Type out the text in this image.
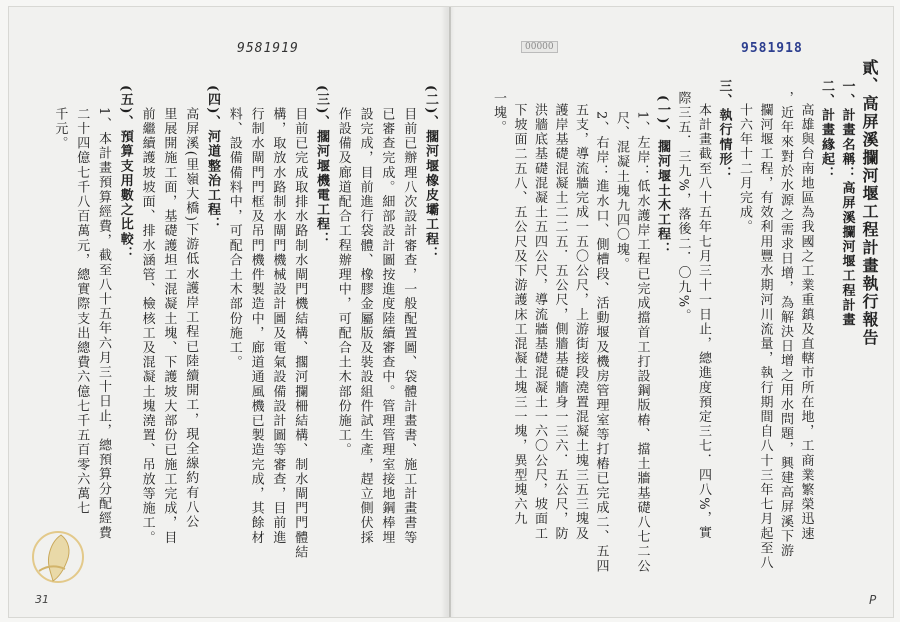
9581919
(二)、擱河堰橡皮壩工程：
目前已辦理八次設計審查，一般配置圖、袋體計畫書、施工計畫書等
已審查完成。細部設計圖按進度陸續審查中。管理管理室接地鋼棒埋
設完成，目前進行袋體、橡膠金屬版及裝設組件試生產，趕立側伏採
作設備及廊道配合工程辦理中，可配合土木部份施工。
(三)、擱河堰機電工程：
目前已完成取排水路制水閘門機結構、擱河攔柵結構、制水閘門門體結
構，取放水路制水閘門機械設計圖及電氣設備設計圖等審查，目前進
行制水閘門門框及吊門機件製造中，廊道通風機已製造完成，其餘材
料、設備備料中，可配合土木部份施工。
(四)、河道整治工程：
高屏溪(里嶺大橋)下游低水護岸工程已陸續開工，現全線約有八公
里展開施工面，基礎護坦工混凝土塊、下護坡大部份已施工完成，目
前繼續護坡坡面、排水涵管、檢核工及混凝土塊澆置、吊放等施工。
(五)、預算支用數之比較：
1、本計畫預算經費，截至八十五年六月三十日止，總預算分配經費
二十四億七千八百萬元，總實際支出總費六億七千五百零六萬七
千元。
31
00000	9581918
貳、高屏溪攔河堰工程計畫執行報告
一、計畫名稱：高屏溪攔河堰工程計畫
二、計畫緣起：
高雄與台南地區為我國之工業重鎮及直轄市所在地，工商業繁榮迅速
，近年來對於水源之需求日增，為解決日增之用水問題，興建高屏溪下游
攔河堰工程，有效利用豐水期河川流量，執行期間自八十三年七月起至八
十六年十二月完成。
三、執行情形：
本計畫截至八十五年七月三十一日止，總進度預定三七．四八%，實
際三五．三九%，落後二．〇九%。
(一)、擱河堰土木工程：
1、左岸：低水護岸工程已完成擋首工打設鋼版樁、擋土牆基礎八七二公
尺、混凝土塊九四〇塊。
2、右岸：進水口、側槽段、活動堰及機房管理室等打樁已完成二、五四
五支，導流牆完成一五〇公尺，上游街接段澆置混凝土塊三五三塊及
護岸基礎混凝土二二五．五公尺，側牆基礎牆身一三六．五公尺，防
洪牆底基礎混凝土五四公尺，導流牆基礎混凝土一六〇公尺，坡面工
下坡面二五八、五公尺及下游護床工混凝土塊三一塊，異型塊六九
一塊。
P
